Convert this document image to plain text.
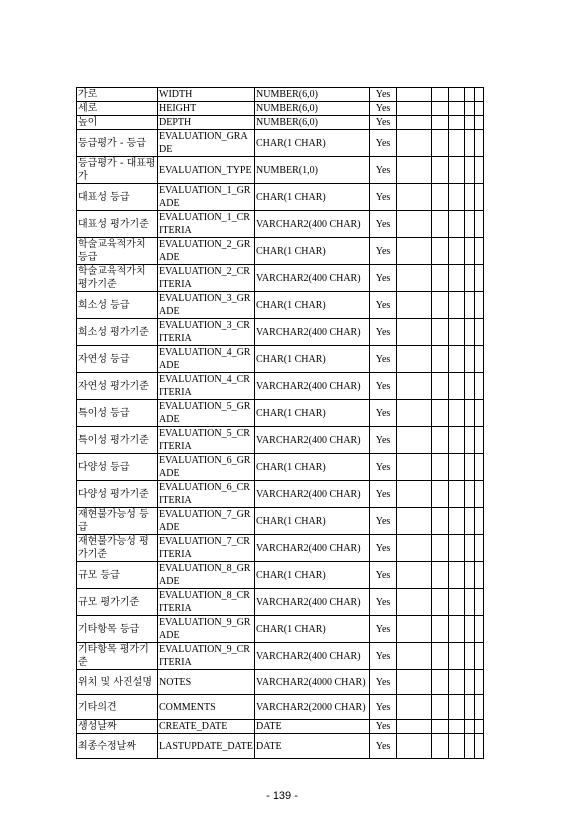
가로	WIDTH	NUMBER(6,0)	Yes					
세로	HEIGHT	NUMBER(6,0)	Yes					
높이	DEPTH	NUMBER(6,0)	Yes					
등급평가 - 등급	EVALUATION_GRADE	CHAR(1 CHAR)	Yes					
등급평가 - 대표평가	EVALUATION_TYPE	NUMBER(1,0)	Yes					
대표성 등급	EVALUATION_1_GRADE	CHAR(1 CHAR)	Yes					
대표성 평가기준	EVALUATION_1_CRITERIA	VARCHAR2(400 CHAR)	Yes					
학술교육적가치 등급	EVALUATION_2_GRADE	CHAR(1 CHAR)	Yes					
학술교육적가치 평가기준	EVALUATION_2_CRITERIA	VARCHAR2(400 CHAR)	Yes					
희소성 등급	EVALUATION_3_GRADE	CHAR(1 CHAR)	Yes					
희소성 평가기준	EVALUATION_3_CRITERIA	VARCHAR2(400 CHAR)	Yes					
자연성 등급	EVALUATION_4_GRADE	CHAR(1 CHAR)	Yes					
자연성 평가기준	EVALUATION_4_CRITERIA	VARCHAR2(400 CHAR)	Yes					
특이성 등급	EVALUATION_5_GRADE	CHAR(1 CHAR)	Yes					
특이성 평가기준	EVALUATION_5_CRITERIA	VARCHAR2(400 CHAR)	Yes					
다양성 등급	EVALUATION_6_GRADE	CHAR(1 CHAR)	Yes					
다양성 평가기준	EVALUATION_6_CRITERIA	VARCHAR2(400 CHAR)	Yes					
재현불가능성 등급	EVALUATION_7_GRADE	CHAR(1 CHAR)	Yes					
재현불가능성 평가기준	EVALUATION_7_CRITERIA	VARCHAR2(400 CHAR)	Yes					
규모 등급	EVALUATION_8_GRADE	CHAR(1 CHAR)	Yes					
규모 평가기준	EVALUATION_8_CRITERIA	VARCHAR2(400 CHAR)	Yes					
기타항목 등급	EVALUATION_9_GRADE	CHAR(1 CHAR)	Yes					
기타항목 평가기준	EVALUATION_9_CRITERIA	VARCHAR2(400 CHAR)	Yes					
위치 및 사진설명	NOTES	VARCHAR2(4000 CHAR)	Yes					
기타의견	COMMENTS	VARCHAR2(2000 CHAR)	Yes					
생성날짜	CREATE_DATE	DATE	Yes					
최종수정날짜	LASTUPDATE_DATE	DATE	Yes					
- 139 -
